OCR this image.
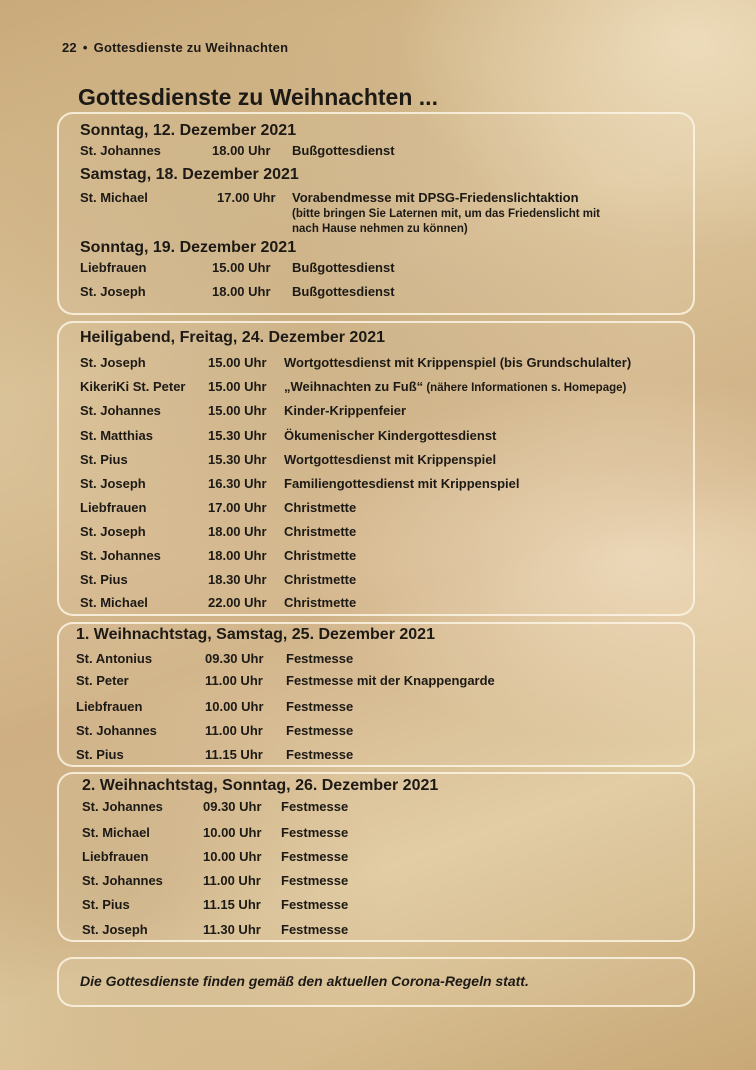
22 • Gottesdienste zu Weihnachten
Gottesdienste zu Weihnachten ...
Sonntag, 12. Dezember 2021
St. Johannes	18.00 Uhr Bußgottesdienst
Samstag, 18. Dezember 2021
St. Michael	17.00 Uhr Vorabendmesse mit DPSG-Friedenslichtaktion
(bitte bringen Sie Laternen mit, um das Friedenslicht mit
nach Hause nehmen zu können)
Sonntag, 19. Dezember 2021
Liebfrauen	15.00 Uhr Bußgottesdienst
St. Joseph	18.00 Uhr Bußgottesdienst
Heiligabend, Freitag, 24. Dezember 2021
St. Joseph	15.00 Uhr Wortgottesdienst mit Krippenspiel (bis Grundschulalter)
KikeriKi St. Peter 15.00 Uhr „Weihnachten zu Fuß“ (nähere Informationen s. Homepage)
St. Johannes	15.00 Uhr Kinder-Krippenfeier
St. Matthias	15.30 Uhr Ökumenischer Kindergottesdienst
St. Pius	15.30 Uhr Wortgottesdienst mit Krippenspiel
St. Joseph	16.30 Uhr Familiengottesdienst mit Krippenspiel
Liebfrauen	17.00 Uhr Christmette
St. Joseph	18.00 Uhr Christmette
St. Johannes	18.00 Uhr Christmette
St. Pius	18.30 Uhr Christmette
St. Michael	22.00 Uhr Christmette
1. Weihnachtstag, Samstag, 25. Dezember 2021
St. Antonius	09.30 Uhr Festmesse
St. Peter	11.00 Uhr Festmesse mit der Knappengarde
Liebfrauen	10.00 Uhr Festmesse
St. Johannes	11.00 Uhr Festmesse
St. Pius	11.15 Uhr Festmesse
2. Weihnachtstag, Sonntag, 26. Dezember 2021
St. Johannes	09.30 Uhr Festmesse
St. Michael	10.00 Uhr Festmesse
Liebfrauen	10.00 Uhr Festmesse
St. Johannes	11.00 Uhr Festmesse
St. Pius	11.15 Uhr Festmesse
St. Joseph	11.30 Uhr Festmesse
Die Gottesdienste finden gemäß den aktuellen Corona-Regeln statt.
